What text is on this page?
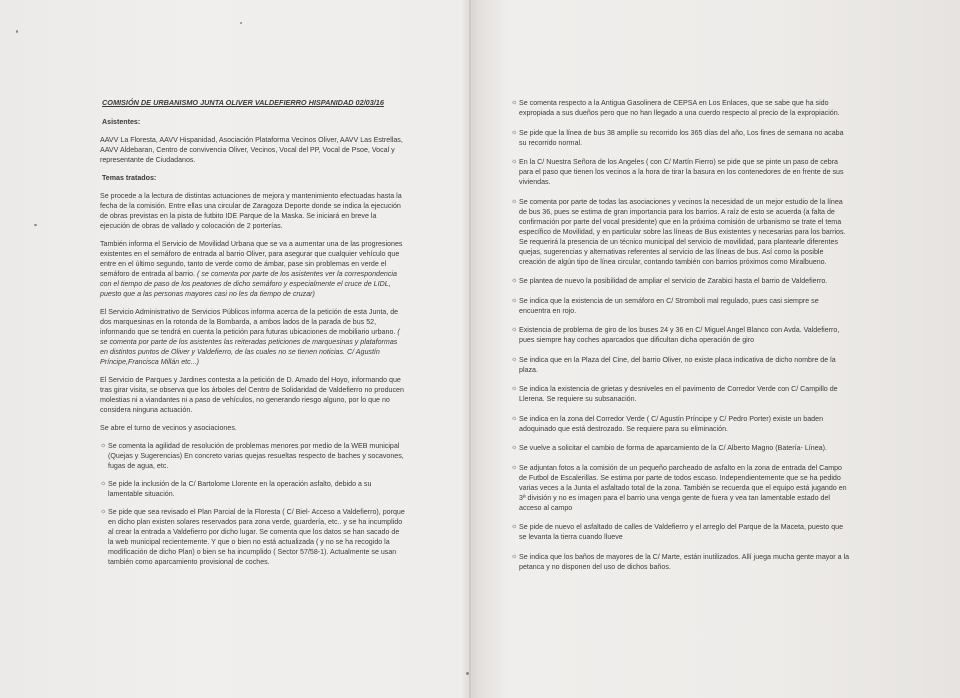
COMISIÓN DE URBANISMO JUNTA OLIVER VALDEFIERRO HISPANIDAD 02/03/16
Asistentes:

AAVV La Floresta, AAVV Hispanidad, Asociación Plataforma Vecinos Oliver, AAVV Las Estrellas, AAVV Aldebaran, Centro de convivencia Oliver, Vecinos, Vocal del PP, Vocal de Psoe, Vocal y representante de Ciudadanos.

Temas tratados:

Se procede a la lectura de distintas actuaciones de mejora y mantenimiento efectuadas hasta la fecha de la comisión. Entre ellas una circular de Zaragoza Deporte donde se indica la ejecución de obras previstas en la pista de futbito IDE Parque de la Maska. Se iniciará en breve la ejecución de obras de vallado y colocación de 2 porterías.

También informa el Servicio de Movilidad Urbana que se va a aumentar una de las progresiones existentes en el semáforo de entrada al barrio Oliver, para asegurar que cualquier vehículo que entre en el último segundo, tanto de verde como de ámbar, pase sin problemas en verde el semáforo de entrada al barrio. ( se comenta por parte de los asistentes ver la correspondencia con el tiempo de paso de los peatones de dicho semáforo y especialmente el cruce de LIDL, puesto que a las personas mayores casi no les da tiempo de cruzar)

El Servicio Administrativo de Servicios Públicos informa acerca de la petición de esta Junta, de dos marquesinas en la rotonda de la Bombarda, a ambos lados de la parada de bus 52, informando que se tendrá en cuenta la petición para futuras ubicaciones de mobiliario urbano. ( se comenta por parte de los asistentes las reiteradas peticiones de marquesinas y plataformas en distintos puntos de Oliver y Valdefierro, de las cuales no se tienen noticias. C/ Agustín Príncipe,Francisca Millán etc...)

El Servicio de Parques y Jardines contesta a la petición de D. Amado del Hoyo, informando que tras girar visita, se observa que los árboles del Centro de Solidaridad de Valdefierro no producen molestias ni a viandantes ni a paso de vehículos, no generando riesgo alguno, por lo que no considera ninguna actuación.

Se abre el turno de vecinos y asociaciones.

☼ Se comenta la agilidad de resolución de problemas menores por medio de la WEB municipal (Quejas y Sugerencias) En concreto varias quejas resueltas respecto de baches y socavones, fugas de agua, etc.

☼ Se pide la inclusión de la C/ Bartolome Llorente en la operación asfalto, debido a su lamentable situación.

☼ Se pide que sea revisado el Plan Parcial de la Floresta ( C/ Biel- Acceso a Valdefierro), porque en dicho plan existen solares reservados para zona verde, guardería, etc.. y se ha incumplido al crear la entrada a Valdefierro por dicho lugar. Se comenta que los datos se han sacado de la web municipal recientemente. Y que o bien no está actualizada ( y no se ha recogido la modificación de dicho Plan) o bien se ha incumplido ( Sector 57/58-1). Actualmente se usan también como aparcamiento provisional de coches.

☼ Se comenta respecto a la Antigua Gasolinera de CEPSA en Los Enlaces, que se sabe que ha sido expropiada a sus dueños pero que no han llegado a una cuerdo respecto al precio de la expropiación.

☼ Se pide que la línea de bus 38 amplíe su recorrido los 365 días del año, Los fines de semana no acaba su recorrido normal.

☼ En la C/ Nuestra Señora de los Angeles ( con C/ Martín Fierro) se pide que se pinte un paso de cebra para el paso que tienen los vecinos a la hora de tirar la basura en los contenedores de en frente de sus viviendas.

☼ Se comenta por parte de todas las asociaciones y vecinos la necesidad de un mejor estudio de la línea de bus 36, pues se estima de gran importancia para los barrios. A raíz de esto se acuerda (a falta de confirmación por parte del vocal presidente) que en la próxima comisión de urbanismo se trate el tema específico de Movilidad, y en particular sobre las líneas de Bus existentes y necesarias para los barrios. Se requerirá la presencia de un técnico municipal del servicio de movilidad, para plantearle diferentes quejas, sugerencias y alternativas referentes al servicio de las líneas de bus. Así como la posible creación de algún tipo de línea circular, contando también con barrios próximos como Miralbueno.

☼ Se plantea de nuevo la posibilidad de ampliar el servicio de Zarabici hasta el barrio de Valdefierro.

☼ Se indica que la existencia de un semáforo en C/ Stromboli mal regulado, pues casi siempre se encuentra en rojo.

☼ Existencia de problema de giro de los buses 24 y 36 en C/ Miguel Angel Blanco con Avda. Valdefierro, pues siempre hay coches aparcados que dificultan dicha operación de giro

☼ Se indica que en la Plaza del Cine, del barrio Oliver, no existe placa indicativa de dicho nombre de la plaza.

☼ Se indica la existencia de grietas y desniveles en el pavimento de Corredor Verde con C/ Campillo de Llerena. Se requiere su subsanación.

☼ Se indica en la zona del Corredor Verde ( C/ Agustín Príncipe y C/ Pedro Porter) existe un baden adoquinado que está destrozado. Se requiere para su eliminación.

☼ Se vuelve a solicitar el cambio de forma de aparcamiento de la C/ Alberto Magno (Batería- Línea).

☼ Se adjuntan fotos a la comisión de un pequeño parcheado de asfalto en la zona de entrada del Campo de Futbol de Escalerillas. Se estima por parte de todos escaso. Independientemente que se ha pedido varias veces a la Junta el asfaltado total de la zona. También se recuerda que el equipo está jugando en 3ª división y no es imagen para el barrio una venga gente de fuera y vea tan lamentable estado del acceso al campo

☼ Se pide de nuevo el asfaltado de calles de Valdefierro y el arreglo del Parque de la Maceta, puesto que se levanta la tierra cuando llueve

☼ Se indica que los baños de mayores de la C/ Marte, están inutilizados. Allí juega mucha gente mayor a la petanca y no disponen del uso de dichos baños.
